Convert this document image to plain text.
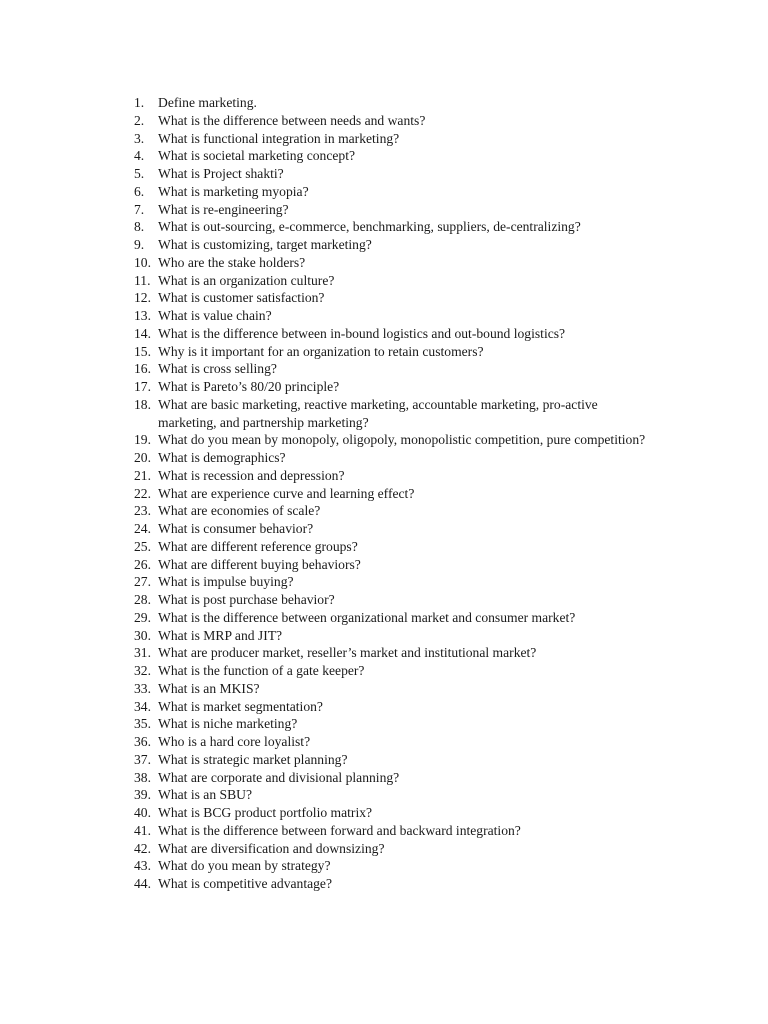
1.	Define marketing.
2.	What is the difference between needs and wants?
3.	What is functional integration in marketing?
4.	What is societal marketing concept?
5.	What is Project shakti?
6.	What is marketing myopia?
7.	What is re-engineering?
8.	What is out-sourcing, e-commerce, benchmarking, suppliers, de-centralizing?
9.	What is customizing, target marketing?
10. Who are the stake holders?
11. What is an organization culture?
12. What is customer satisfaction?
13. What is value chain?
14. What is the difference between in-bound logistics and out-bound logistics?
15. Why is it important for an organization to retain customers?
16. What is cross selling?
17. What is Pareto’s 80/20 principle?
18. What are basic marketing, reactive marketing, accountable marketing, pro-active marketing, and partnership marketing?
19. What do you mean by monopoly, oligopoly, monopolistic competition, pure competition?
20. What is demographics?
21. What is recession and depression?
22. What are experience curve and learning effect?
23. What are economies of scale?
24. What is consumer behavior?
25. What are different reference groups?
26. What are different buying behaviors?
27. What is impulse buying?
28. What is post purchase behavior?
29. What is the difference between organizational market and consumer market?
30. What is MRP and JIT?
31. What are producer market, reseller’s market and institutional market?
32. What is the function of a gate keeper?
33. What is an MKIS?
34. What is market segmentation?
35. What is niche marketing?
36. Who is a hard core loyalist?
37. What is strategic market planning?
38. What are corporate and divisional planning?
39. What is an SBU?
40. What is BCG product portfolio matrix?
41. What is the difference between forward and backward integration?
42. What are diversification and downsizing?
43. What do you mean by strategy?
44. What is competitive advantage?
